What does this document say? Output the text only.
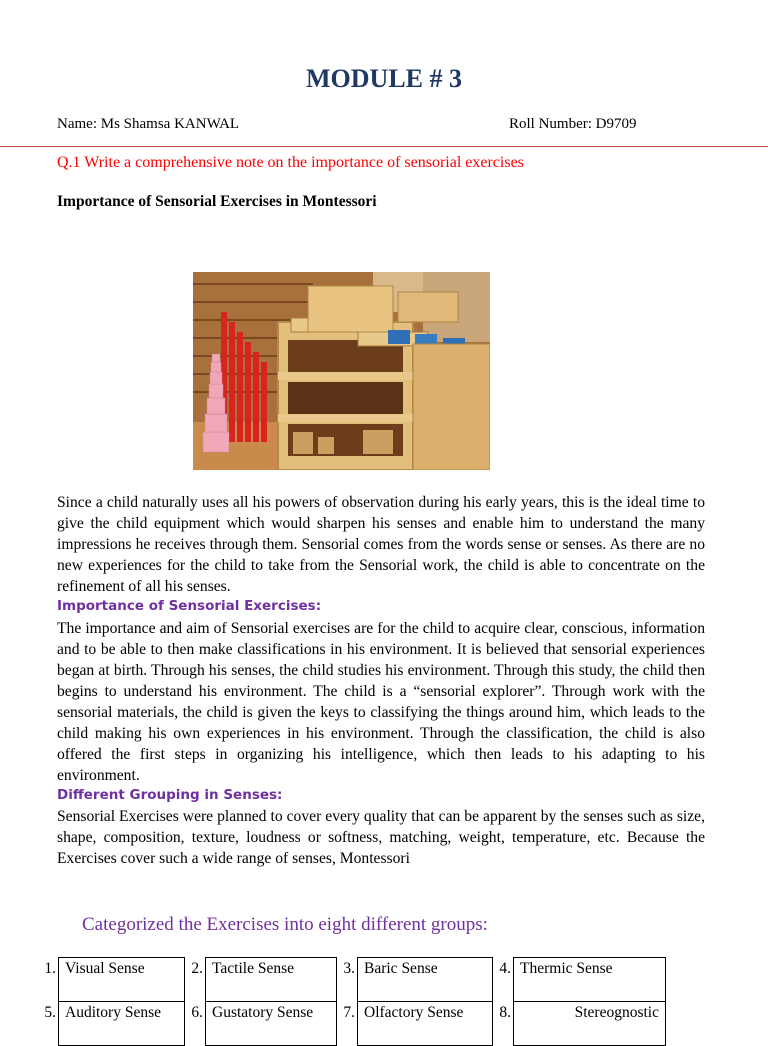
MODULE # 3
Name: Ms Shamsa KANWAL	Roll Number: D9709
Q.1 Write a comprehensive note on the importance of sensorial exercises
Importance of Sensorial Exercises in Montessori

Since a child naturally uses all his powers of observation during his early years, this is the ideal time to give the child equipment which would sharpen his senses and enable him to understand the many impressions he receives through them. Sensorial comes from the words sense or senses. As there are no new experiences for the child to take from the Sensorial work, the child is able to concentrate on the refinement of all his senses.

Importance of Sensorial Exercises:

The importance and aim of Sensorial exercises are for the child to acquire clear, conscious, information and to be able to then make classifications in his environment. It is believed that sensorial experiences began at birth. Through his senses, the child studies his environment. Through this study, the child then begins to understand his environment. The child is a “sensorial explorer”. Through work with the sensorial materials, the child is given the keys to classifying the things around him, which leads to the child making his own experiences in his environment. Through the classification, the child is also offered the first steps in organizing his intelligence, which then leads to his adapting to his environment.

Different Grouping in Senses:

Sensorial Exercises were planned to cover every quality that can be apparent by the senses such as size, shape, composition, texture, loudness or softness, matching, weight, temperature, etc. Because the Exercises cover such a wide range of senses, Montessori

Categorized the Exercises into eight different groups:
1.	Visual Sense	2.	Tactile Sense	3.	Baric Sense	4.	Thermic Sense
5.	Auditory Sense	6.	Gustatory Sense	7.	Olfactory Sense	8.	Stereognostic
